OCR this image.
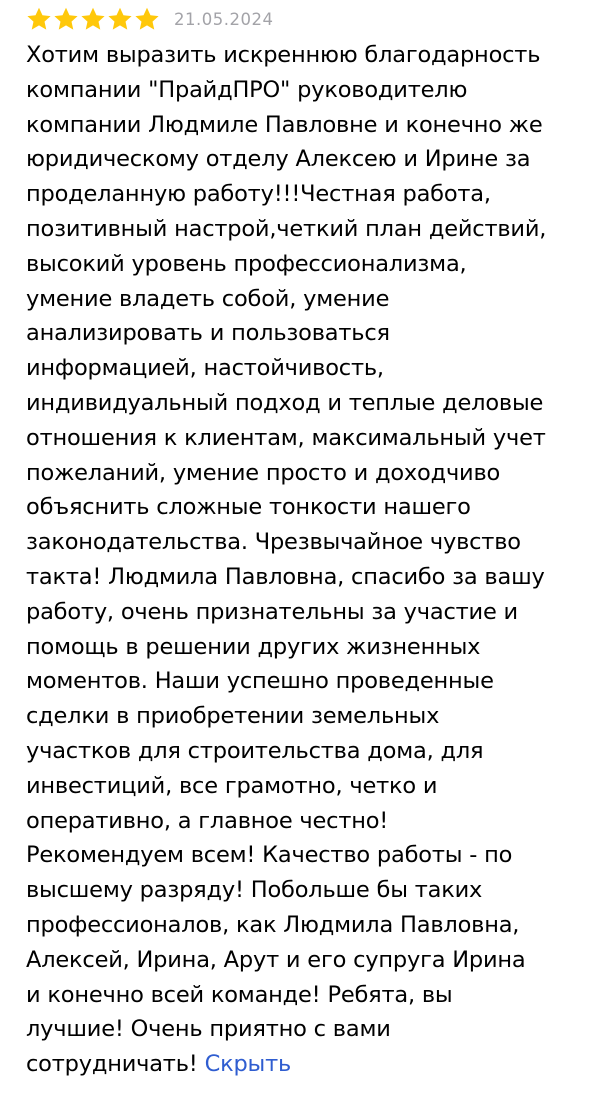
21.05.2024

Хотим выразить искреннюю благодарность
компании "ПрайдПРО" руководителю
компании Людмиле Павловне и конечно же
юридическому отделу Алексею и Ирине за
проделанную работу!!!Честная работа,
позитивный настрой,четкий план действий,
высокий уровень профессионализма,
умение владеть собой, умение
анализировать и пользоваться
информацией, настойчивость,
индивидуальный подход и теплые деловые
отношения к клиентам, максимальный учет
пожеланий, умение просто и доходчиво
объяснить сложные тонкости нашего
законодательства. Чрезвычайное чувство
такта! Людмила Павловна, спасибо за вашу
работу, очень признательны за участие и
помощь в решении других жизненных
моментов. Наши успешно проведенные
сделки в приобретении земельных
участков для строительства дома, для
инвестиций, все грамотно, четко и
оперативно, а главное честно!
Рекомендуем всем! Качество работы - по
высшему разряду! Побольше бы таких
профессионалов, как Людмила Павловна,
Алексей, Ирина, Арут и его супруга Ирина
и конечно всей команде! Ребята, вы
лучшие! Очень приятно с вами
сотрудничать! Скрыть
